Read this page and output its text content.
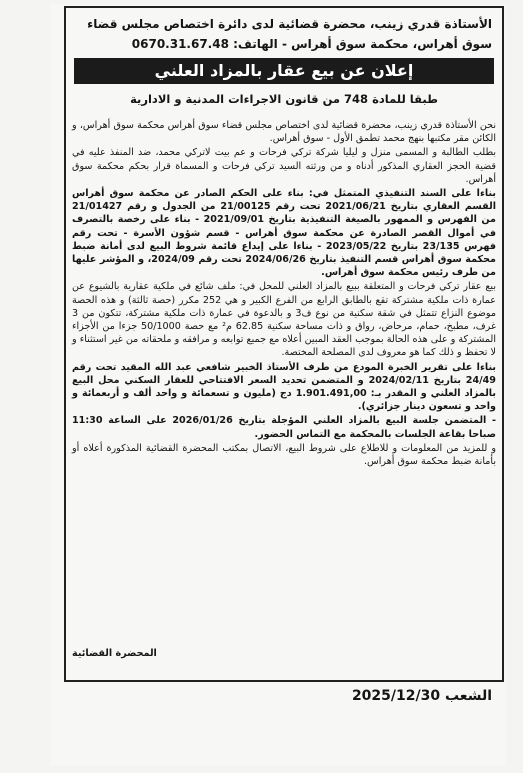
الأستاذة قدري زينب، محضرة قضائية لدى دائرة اختصاص مجلس قضاء
سوق أهراس، محكمة سوق أهراس - الهاتف: 0670.31.67.48
إعلان عن بيع عقار بالمزاد العلني
طبقا للمادة 748 من قانون الاجراءات المدنية و الادارية

نحن الأستاذة قدري زينب، محضرة قضائية لدى اختصاص مجلس قضاء سوق أهراس محكمة سوق أهراس، و الكائن مقر مكتبها بنهج محمد تطمق الأول - سوق أهراس.

بطلب الطالبة و المسمى منزل و ليليا شركة تركي فرحات و عم بيت لاتركي محمد، ضد المنفذ عليه في قضية الحجز العقاري المذكور أدناه و من ورثته السيد تركي فرحات و المسماة قرار بحكم محكمة سوق أهراس.

بناءا على السند التنفيذي المتمثل في: بناء على الحكم الصادر عن محكمة سوق أهراس القسم العقاري بتاريخ 2021/06/21 تحت رقم 21/00125 من الجدول و رقم 21/01427 من الفهرس و الممهور بالصيغة التنفيذية بتاريخ 2021/09/01 - بناء على رخصة بالتصرف في أموال القصر الصادرة عن محكمة سوق أهراس - قسم شؤون الأسرة - تحت رقم فهرس 23/135 بتاريخ 2023/05/22 - بناءا على إيداع قائمة شروط البيع لدى أمانة ضبط محكمة سوق أهراس قسم التنفيذ بتاريخ 2024/06/26 تحت رقم 2024/09، و المؤشر عليها من طرف رئيس محكمة سوق أهراس.

بيع عقار تركي فرحات و المتعلقة ببيع بالمزاد العلني للمحل في: ملف شائع في ملكية عقارية بالشيوع عن عمارة ذات ملكية مشتركة تقع بالطابق الرابع من الفرع الكبير و هي 252 مكرر (حصة ثالثة) و هذه الحصة موضوع النزاع تتمثل في شقة سكنية من نوع ف3 و بالدعوة في عمارة ذات ملكية مشتركة، تتكون من 3 غرف، مطبخ، حمام، مرحاض، رواق و ذات مساحة سكنية 62.85 م² مع حصة 50/1000 جزءا من الأجزاء المشتركة و على هذه الحالة بموجب العقد المبين أعلاه مع جميع توابعه و مرافقه و ملحقاته من غير استثناء و لا تحفظ و ذلك كما هو معروف لدى المصلحة المختصة.

بناءا على تقرير الخبرة المودع من طرف الأستاذ الخبير شافعي عبد الله المقيد تحت رقم 24/49 بتاريخ 2024/02/11 و المتضمن تحديد السعر الافتتاحي للعقار السكني محل البيع بالمزاد العلني و المقدر بـ: 1.901.491,00 دج (مليون و تسعمائة و واحد ألف و أربعمائة و واحد و تسعون دينار جزائري).

- المتضمن جلسة البيع بالمزاد العلني المؤجلة بتاريخ 2026/01/26 على الساعة 11:30 صباحا بقاعة الجلسات بالمحكمة مع التماس الحضور.

و للمزيد من المعلومات و للاطلاع على شروط البيع، الاتصال بمكتب المحضرة القضائية المذكورة أعلاه أو بأمانة ضبط محكمة سوق أهراس.

المحضرة القضائية
الشعب 2025/12/30
